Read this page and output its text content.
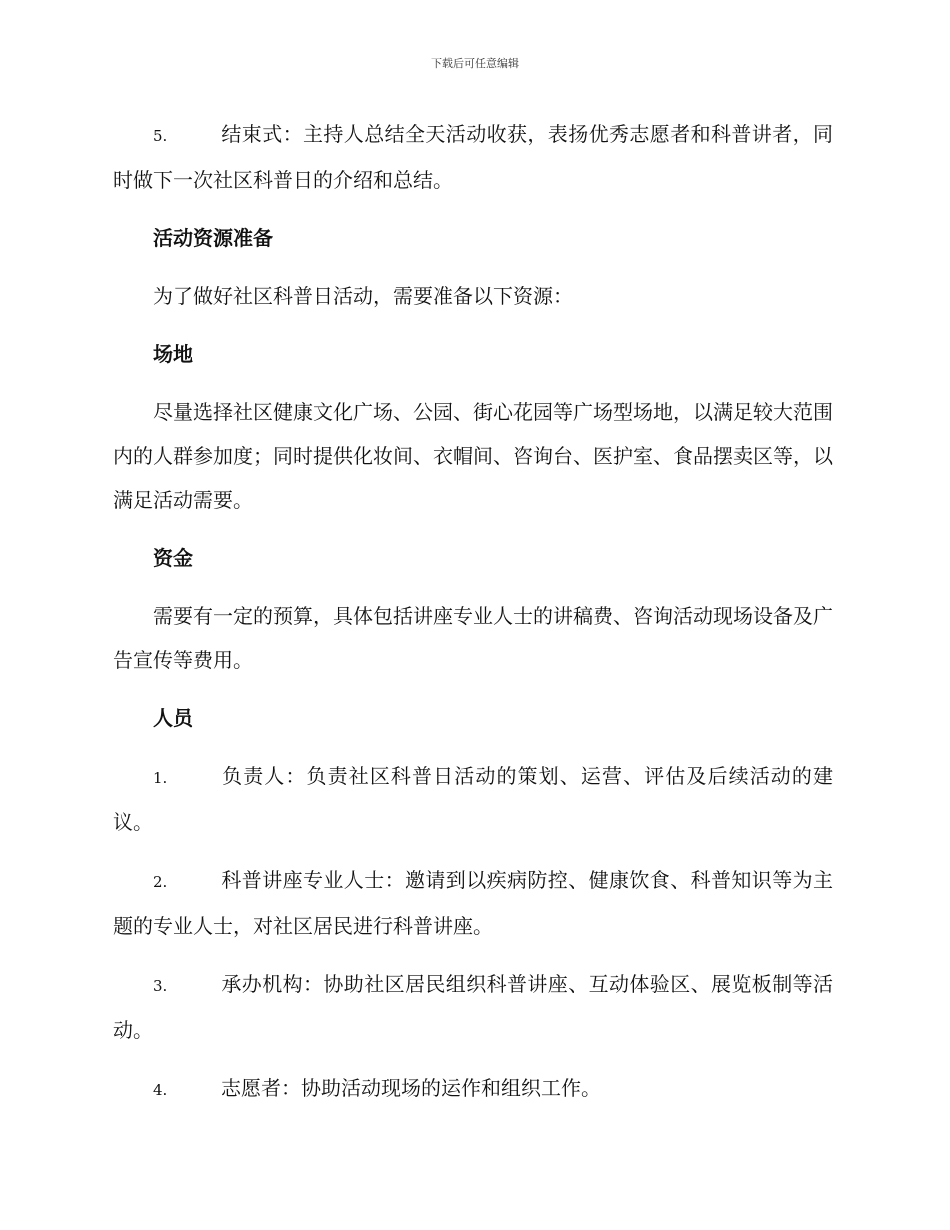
下载后可任意编辑
5.	结束式：主持人总结全天活动收获，表扬优秀志愿者和科普讲者，同时做下一次社区科普日的介绍和总结。
活动资源准备
为了做好社区科普日活动，需要准备以下资源：
场地
尽量选择社区健康文化广场、公园、街心花园等广场型场地，以满足较大范围内的人群参加度；同时提供化妆间、衣帽间、咨询台、医护室、食品摆卖区等，以满足活动需要。
资金
需要有一定的预算，具体包括讲座专业人士的讲稿费、咨询活动现场设备及广告宣传等费用。
人员
1.	负责人：负责社区科普日活动的策划、运营、评估及后续活动的建议。
2.	科普讲座专业人士：邀请到以疾病防控、健康饮食、科普知识等为主题的专业人士，对社区居民进行科普讲座。
3.	承办机构：协助社区居民组织科普讲座、互动体验区、展览板制等活动。
4.	志愿者：协助活动现场的运作和组织工作。
